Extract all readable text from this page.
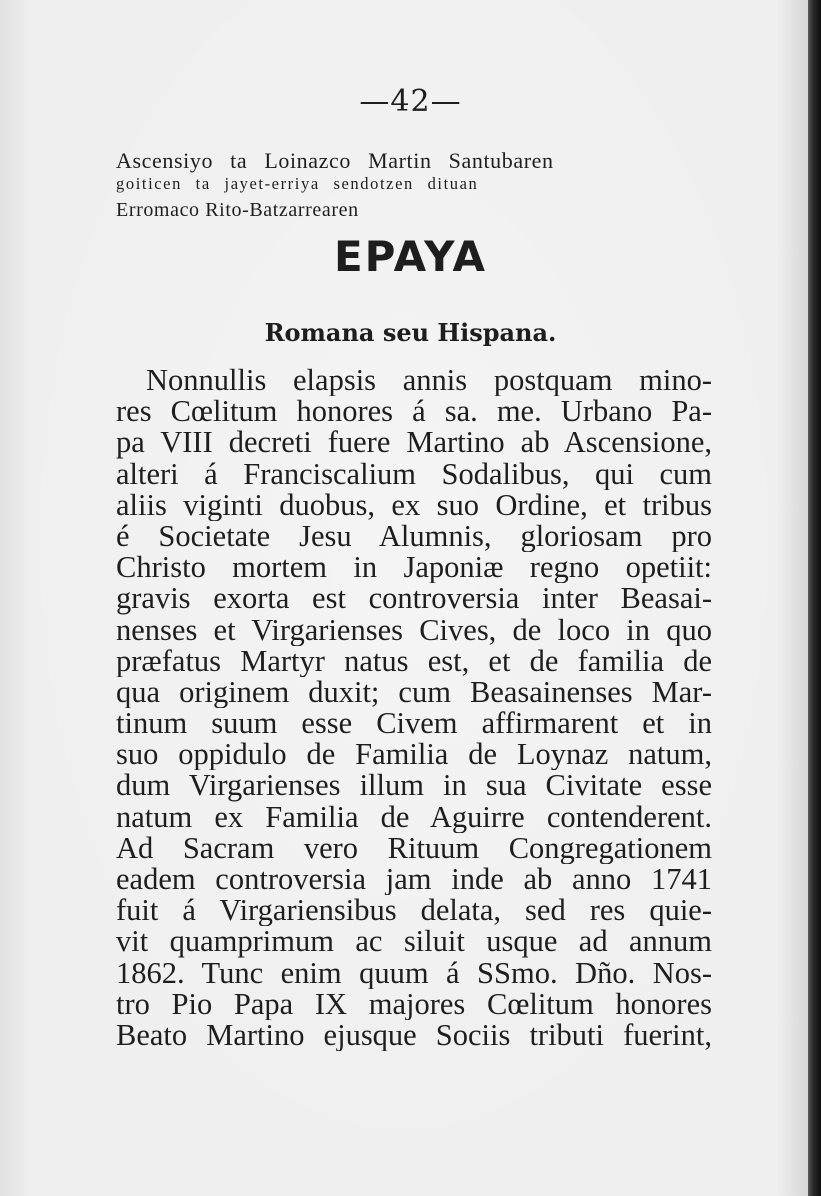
—42—
Ascensiyo ta Loinazco Martin Santubaren
goiticen ta jayet-erriya sendotzen dituan
Erromaco Rito-Batzarrearen
EPAYA
Romana seu Hispana.
Nonnullis elapsis annis postquam mino-
res Cœlitum honores á sa. me. Urbano Pa-
pa VIII decreti fuere Martino ab Ascensione,
alteri á Franciscalium Sodalibus, qui cum
aliis viginti duobus, ex suo Ordine, et tribus
é Societate Jesu Alumnis, gloriosam pro
Christo mortem in Japoniæ regno opetiit:
gravis exorta est controversia inter Beasai-
nenses et Virgarienses Cives, de loco in quo
præfatus Martyr natus est, et de familia de
qua originem duxit; cum Beasainenses Mar-
tinum suum esse Civem affirmarent et in
suo oppidulo de Familia de Loynaz natum,
dum Virgarienses illum in sua Civitate esse
natum ex Familia de Aguirre contenderent.
Ad Sacram vero Rituum Congregationem
eadem controversia jam inde ab anno 1741
fuit á Virgariensibus delata, sed res quie-
vit quamprimum ac siluit usque ad annum
1862. Tunc enim quum á SSmo. Dño. Nos-
tro Pio Papa IX majores Cœlitum honores
Beato Martino ejusque Sociis tributi fuerint,
